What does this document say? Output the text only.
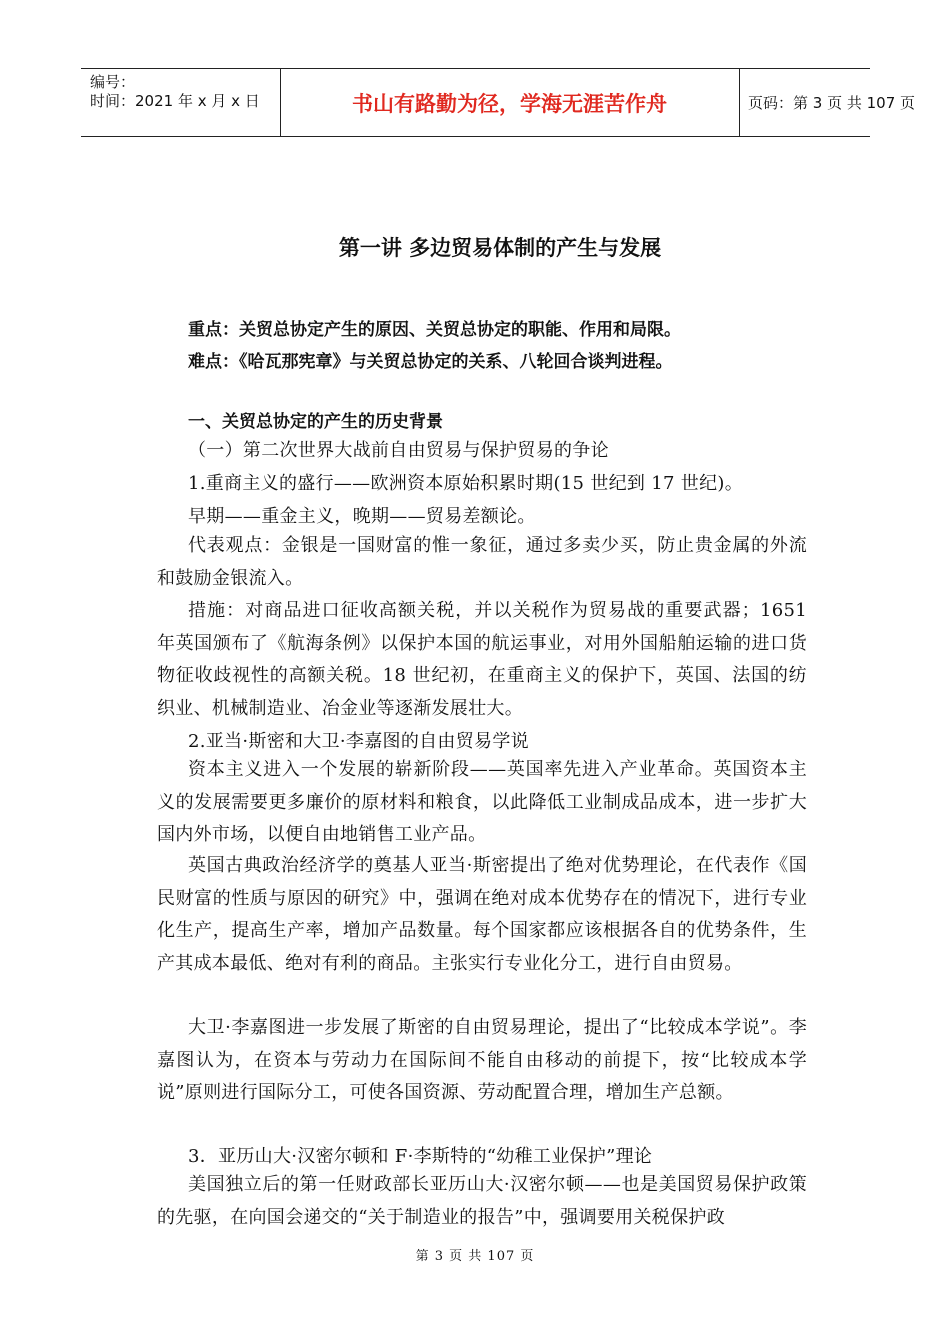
编号：
时间：2021 年 x 月 x 日	书山有路勤为径，学海无涯苦作舟	页码：第 3 页 共 107 页
第一讲 多边贸易体制的产生与发展
重点：关贸总协定产生的原因、关贸总协定的职能、作用和局限。
难点：《哈瓦那宪章》与关贸总协定的关系、八轮回合谈判进程。
一、关贸总协定的产生的历史背景
（一）第二次世界大战前自由贸易与保护贸易的争论
1.重商主义的盛行——欧洲资本原始积累时期(15 世纪到 17 世纪)。
早期——重金主义，晚期——贸易差额论。
代表观点：金银是一国财富的惟一象征，通过多卖少买，防止贵金属的外流和鼓励金银流入。
措施：对商品进口征收高额关税，并以关税作为贸易战的重要武器；1651 年英国颁布了《航海条例》以保护本国的航运事业，对用外国船舶运输的进口货物征收歧视性的高额关税。18 世纪初，在重商主义的保护下，英国、法国的纺织业、机械制造业、冶金业等逐渐发展壮大。
2.亚当·斯密和大卫·李嘉图的自由贸易学说
资本主义进入一个发展的崭新阶段——英国率先进入产业革命。英国资本主义的发展需要更多廉价的原材料和粮食，以此降低工业制成品成本，进一步扩大国内外市场，以便自由地销售工业产品。
英国古典政治经济学的奠基人亚当·斯密提出了绝对优势理论，在代表作《国民财富的性质与原因的研究》中，强调在绝对成本优势存在的情况下，进行专业化生产，提高生产率，增加产品数量。每个国家都应该根据各自的优势条件，生产其成本最低、绝对有利的商品。主张实行专业化分工，进行自由贸易。
大卫·李嘉图进一步发展了斯密的自由贸易理论，提出了“比较成本学说”。李嘉图认为，在资本与劳动力在国际间不能自由移动的前提下，按“比较成本学说”原则进行国际分工，可使各国资源、劳动配置合理，增加生产总额。
3．亚历山大·汉密尔顿和 F·李斯特的“幼稚工业保护”理论
美国独立后的第一任财政部长亚历山大·汉密尔顿——也是美国贸易保护政策的先驱，在向国会递交的“关于制造业的报告”中，强调要用关税保护政
第 3 页 共 107 页
